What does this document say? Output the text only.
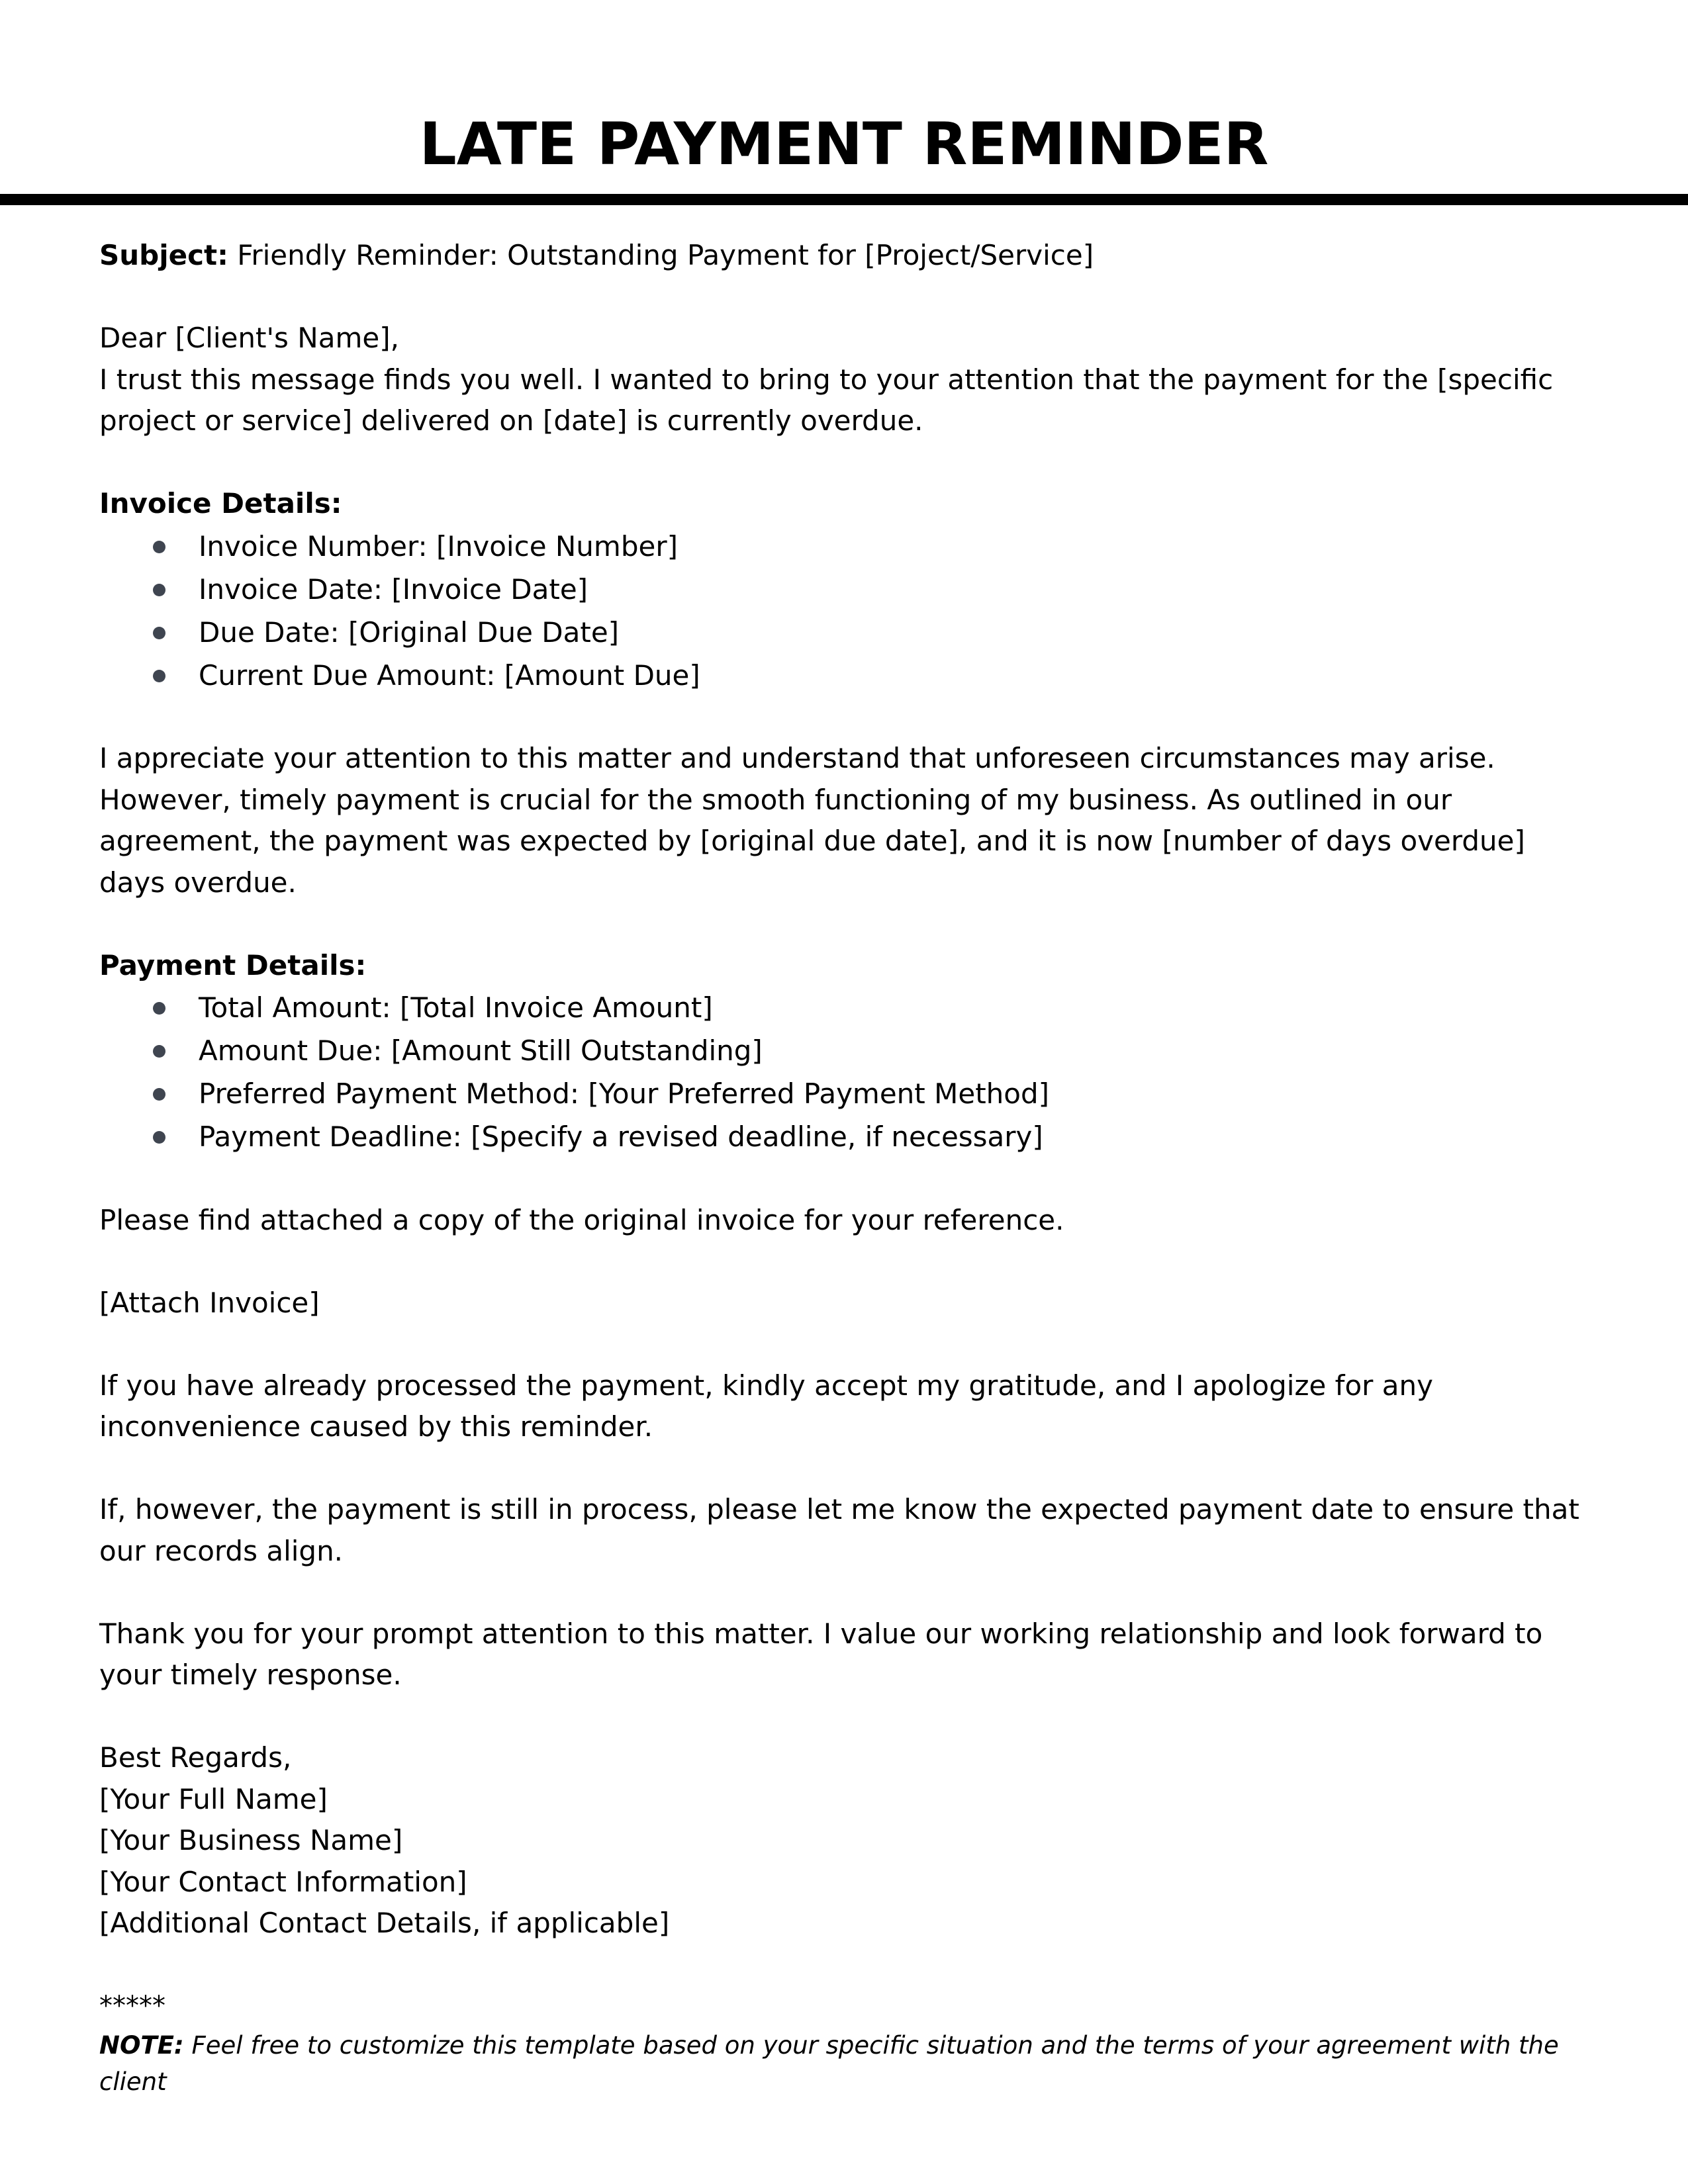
LATE PAYMENT REMINDER

Subject: Friendly Reminder: Outstanding Payment for [Project/Service]

Dear [Client's Name],

I trust this message finds you well. I wanted to bring to your attention that the payment for the [specific project or service] delivered on [date] is currently overdue.

Invoice Details:

Invoice Number: [Invoice Number]
Invoice Date: [Invoice Date]
Due Date: [Original Due Date]
Current Due Amount: [Amount Due]

I appreciate your attention to this matter and understand that unforeseen circumstances may arise. However, timely payment is crucial for the smooth functioning of my business. As outlined in our agreement, the payment was expected by [original due date], and it is now [number of days overdue] days overdue.

Payment Details:

Total Amount: [Total Invoice Amount]
Amount Due: [Amount Still Outstanding]
Preferred Payment Method: [Your Preferred Payment Method]
Payment Deadline: [Specify a revised deadline, if necessary]

Please find attached a copy of the original invoice for your reference.

[Attach Invoice]

If you have already processed the payment, kindly accept my gratitude, and I apologize for any inconvenience caused by this reminder.

If, however, the payment is still in process, please let me know the expected payment date to ensure that our records align.

Thank you for your prompt attention to this matter. I value our working relationship and look forward to your timely response.

Best Regards,

[Your Full Name]

[Your Business Name]

[Your Contact Information]

[Additional Contact Details, if applicable]

*****

NOTE: Feel free to customize this template based on your specific situation and the terms of your agreement with the client
